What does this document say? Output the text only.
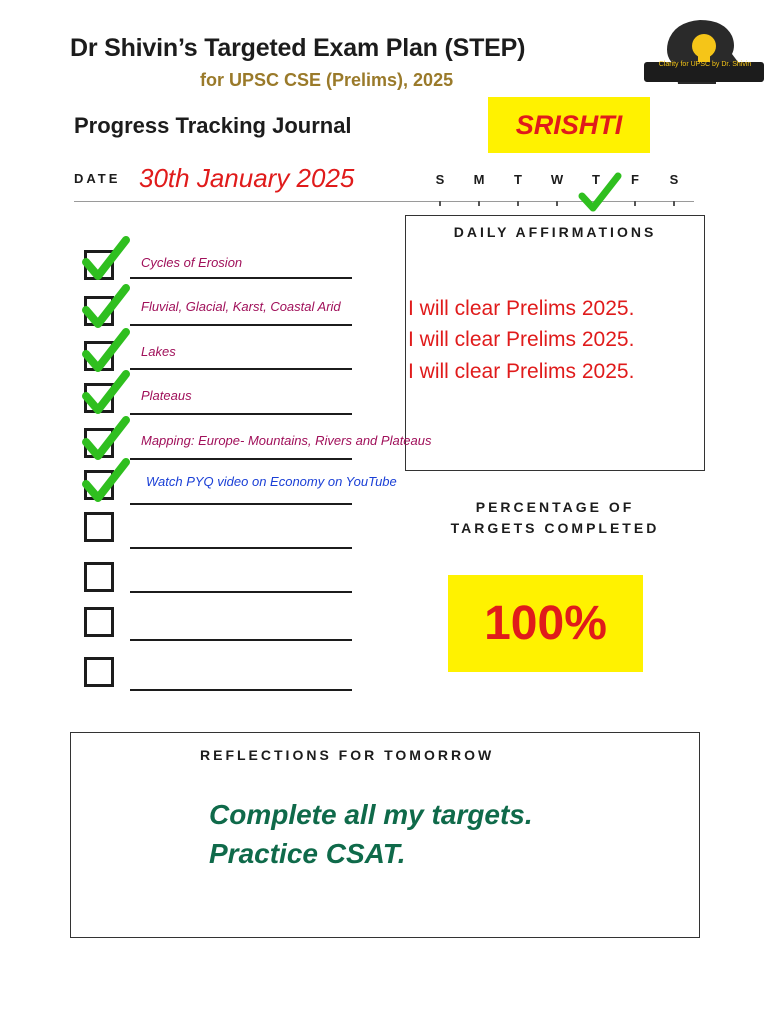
Dr Shivin’s Targeted Exam Plan (STEP)
for UPSC CSE (Prelims), 2025
Clarity for UPSC by Dr. Shivin
Progress Tracking Journal	SRISHTI
DATE 30th January 2025	S	M	T	W	T	F	S
DAILY AFFIRMATIONS
I will clear Prelims 2025.
I will clear Prelims 2025.
I will clear Prelims 2025.
Cycles of Erosion
Fluvial, Glacial, Karst, Coastal Arid
Lakes
Plateaus
Mapping: Europe- Mountains, Rivers and Plateaus
Watch PYQ video on Economy on YouTube
PERCENTAGE OF
TARGETS COMPLETED
100%
REFLECTIONS FOR TOMORROW
Complete all my targets.
Practice CSAT.
